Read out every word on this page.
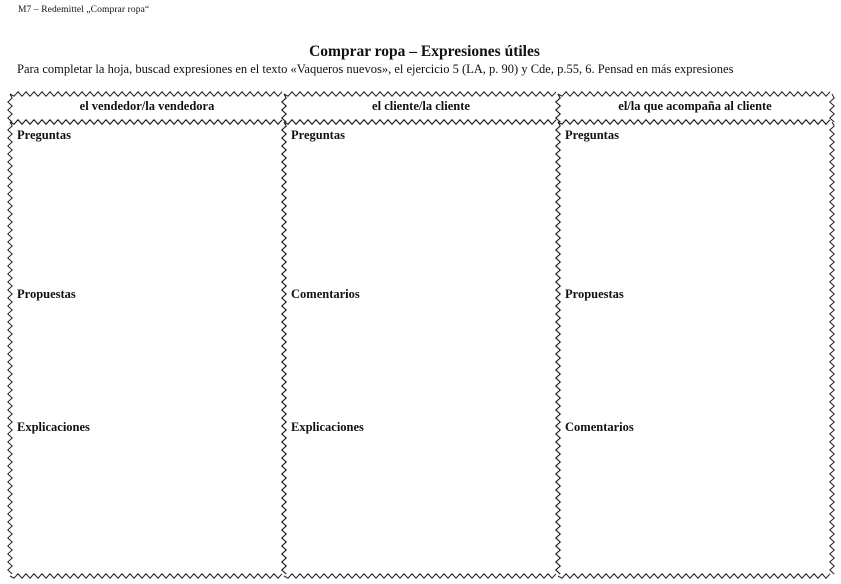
M7 – Redemittel „Comprar ropa“
Comprar ropa – Expresiones útiles
Para completar la hoja, buscad expresiones en el texto «Vaqueros nuevos», el ejercicio 5 (LA, p. 90) y Cde, p.55, 6. Pensad en más expresiones
el vendedor/la vendedora	el cliente/la cliente	el/la que acompaña al cliente
Preguntas
Propuestas
Explicaciones
Preguntas
Comentarios
Explicaciones
Preguntas
Propuestas
Comentarios
